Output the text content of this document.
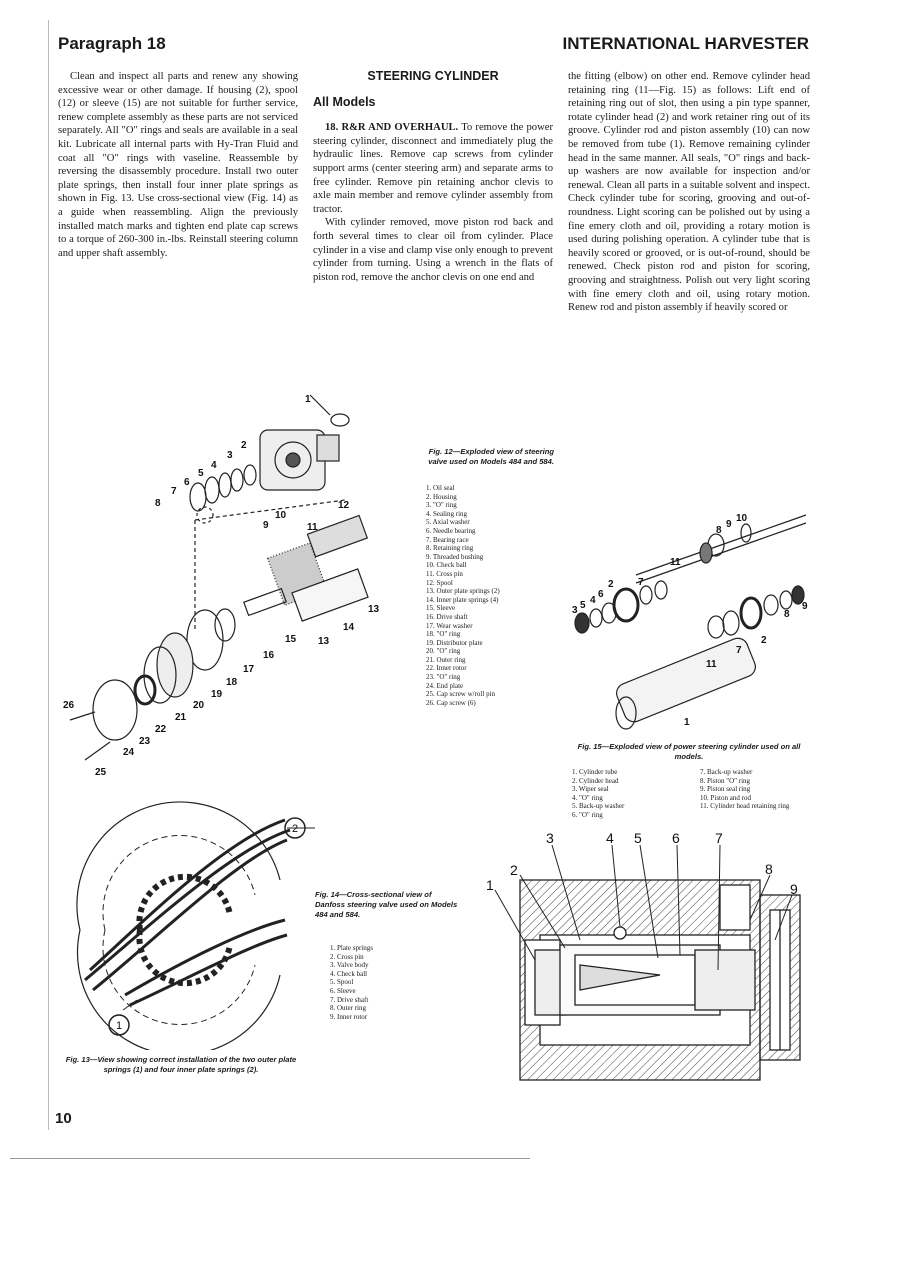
Paragraph 18	INTERNATIONAL HARVESTER

Clean and inspect all parts and renew any showing excessive wear or other damage. If housing (2), spool (12) or sleeve (15) are not suitable for further service, renew complete assembly as these parts are not serviced separately. All "O" rings and seals are available in a seal kit. Lubricate all internal parts with Hy-Tran Fluid and coat all "O" rings with vaseline. Reassemble by reversing the disassembly procedure. Install two outer plate springs, then install four inner plate springs as shown in Fig. 13. Use cross-sectional view (Fig. 14) as a guide when reassembling. Align the previously installed match marks and tighten end plate cap screws to a torque of 260-300 in.-lbs. Reinstall steering column and upper shaft assembly.

STEERING CYLINDER
All Models

18. R&R AND OVERHAUL. To remove the power steering cylinder, disconnect and immediately plug the hydraulic lines. Remove cap screws from cylinder support arms (center steering arm) and separate arms to free cylinder. Remove pin retaining anchor clevis to axle main member and remove cylinder assembly from tractor.

With cylinder removed, move piston rod back and forth several times to clear oil from cylinder. Place cylinder in a vise and clamp vise only enough to prevent cylinder from turning. Using a wrench in the flats of piston rod, remove the anchor clevis on one end and

the fitting (elbow) on other end. Remove cylinder head retaining ring (11—Fig. 15) as follows: Lift end of retaining ring out of slot, then using a pin type spanner, rotate cylinder head (2) and work retainer ring out of its groove. Cylinder rod and piston assembly (10) can now be removed from tube (1). Remove remaining cylinder head in the same manner. All seals, "O" rings and back-up washers are now available for inspection and/or renewal. Clean all parts in a suitable solvent and inspect. Check cylinder tube for scoring, grooving and out-of-roundness. Light scoring can be polished out by using a fine emery cloth and oil, providing a rotary motion is used during polishing operation. A cylinder tube that is heavily scored or grooved, or is out-of-round, should be renewed. Check piston rod and piston for scoring, grooving and straightness. Polish out very light scoring with fine emery cloth and oil, using rotary motion. Renew rod and piston assembly if heavily scored or

1
2
3
4
5
6
7
8
9
10
11
12
13
13
14
15
16
17
18
19
20
21
22
23
24
25
26
Fig. 12—Exploded view of steering valve used on Models 484 and 584.
1. Oil seal
2. Housing
3. "O" ring
4. Sealing ring
5. Axial washer
6. Needle bearing
7. Bearing race
8. Retaining ring
9. Threaded bushing
10. Check ball
11. Cross pin
12. Spool
13. Outer plate springs (2)
14. Inner plate springs (4)
15. Sleeve
16. Drive shaft
17. Wear washer
18. "O" ring
19. Distributor plate
20. "O" ring
21. Outer ring
22. Inner rotor
23. "O" ring
24. End plate
25. Cap screw w/roll pin
26. Cap screw (6)
1
2
3
4
5
6
7
8
9
10
11
11
2
7
8
9
Fig. 15—Exploded view of power steering cylinder used on all models.
1. Cylinder tube
2. Cylinder head
3. Wiper seal
4. "O" ring
5. Back-up washer
6. "O" ring
7. Back-up washer
8. Piston "O" ring
9. Piston seal ring
10. Piston and rod
11. Cylinder head retaining ring
2
1
Fig. 13—View showing correct installation of the two outer plate springs (1) and four inner plate springs (2).
Fig. 14—Cross-sectional view of Danfoss steering valve used on Models 484 and 584.
1. Plate springs
2. Cross pin
3. Valve body
4. Check ball
5. Spool
6. Sleeve
7. Drive shaft
8. Outer ring
9. Inner rotor
1
2
3	4 5 6	7
8
9
10
